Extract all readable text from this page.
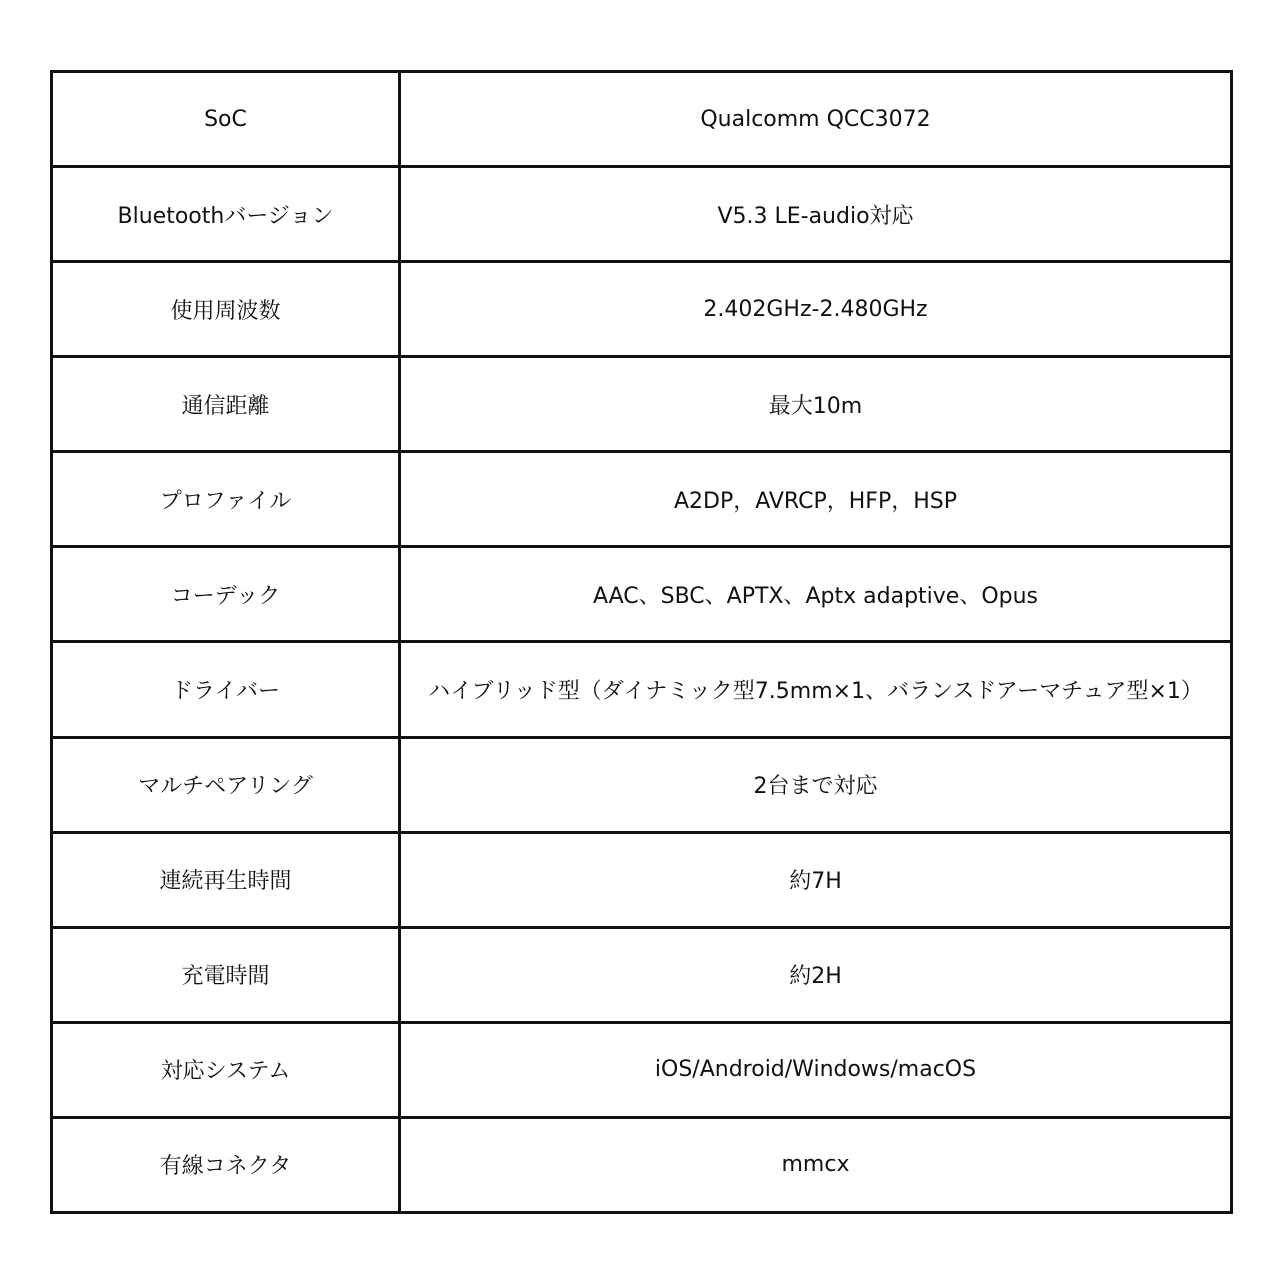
SoC	Qualcomm QCC3072
Bluetoothバージョン	V5.3 LE-audio対応
使用周波数	2.402GHz-2.480GHz
通信距離	最大10m
プロファイル	A2DP，AVRCP，HFP，HSP
コーデック	AAC、SBC、APTX、Aptx adaptive、Opus
ドライバー	ハイブリッド型（ダイナミック型7.5mm×1、バランスドアーマチュア型×1）
マルチペアリング	2台まで対応
連続再生時間	約7H
充電時間	約2H
対応システム	iOS/Android/Windows/macOS
有線コネクタ	mmcx
